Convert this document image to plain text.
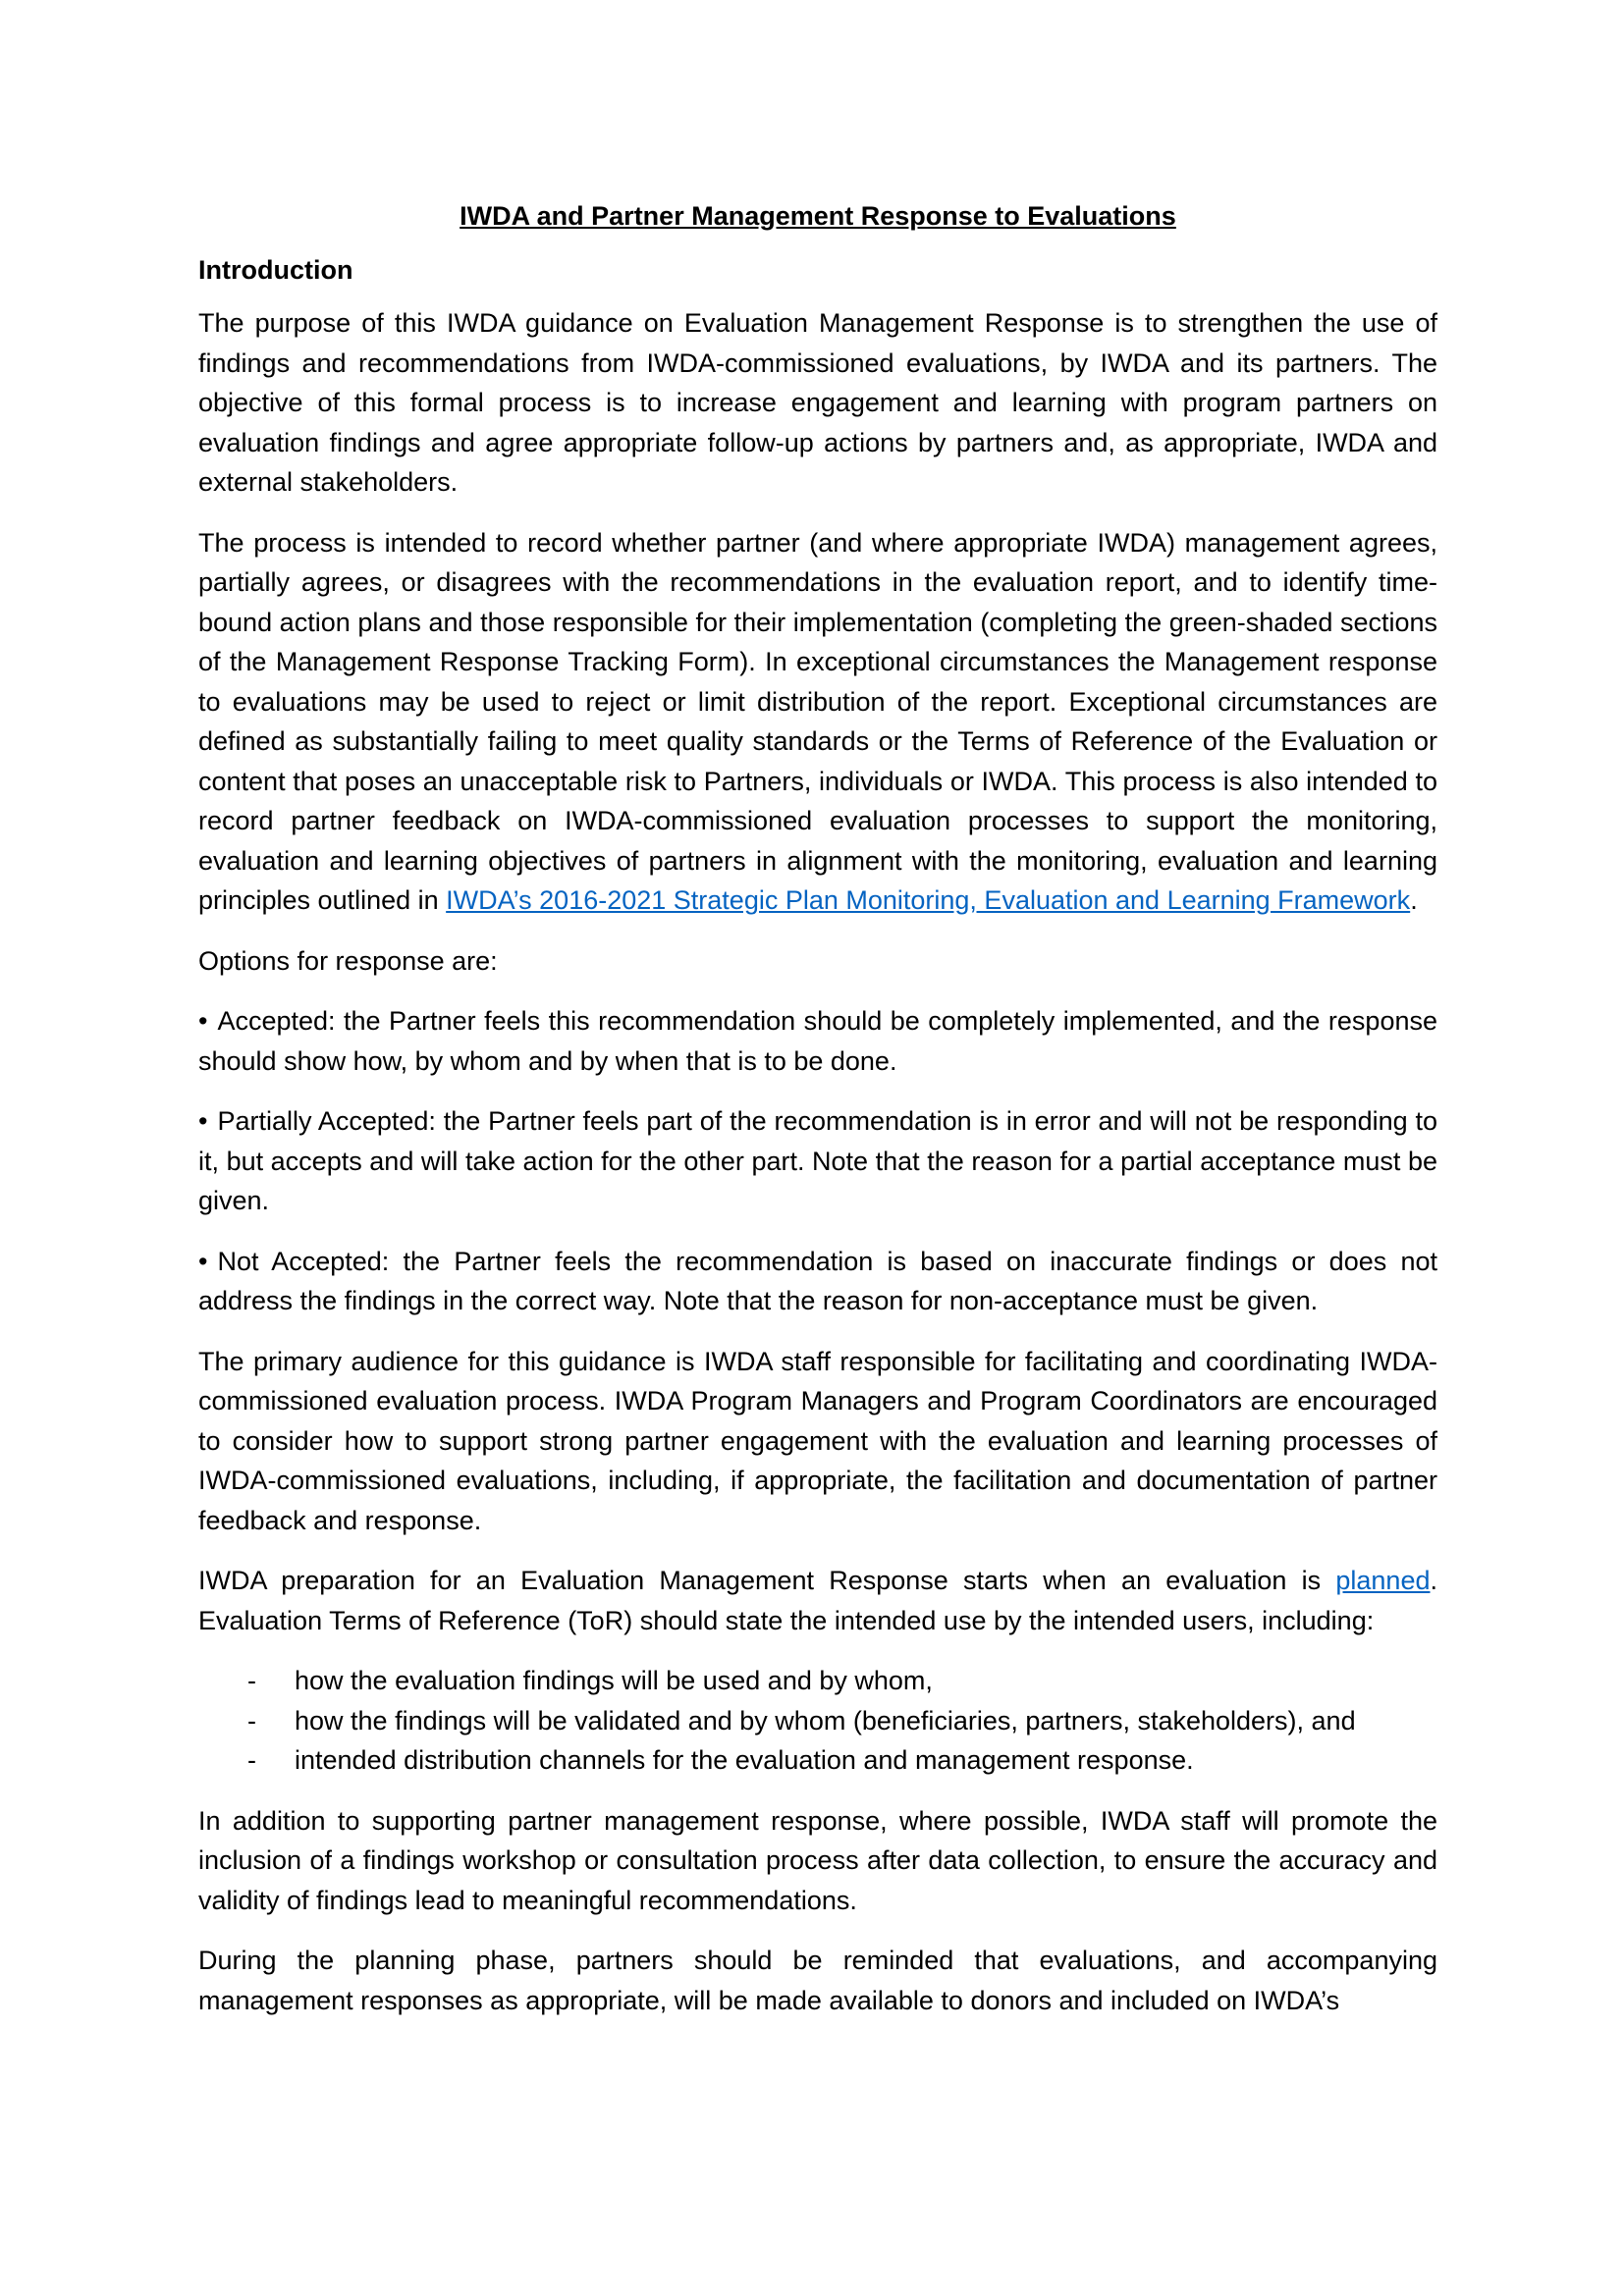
IWDA and Partner Management Response to Evaluations
Introduction

The purpose of this IWDA guidance on Evaluation Management Response is to strengthen the use of findings and recommendations from IWDA-commissioned evaluations, by IWDA and its partners. The objective of this formal process is to increase engagement and learning with program partners on evaluation findings and agree appropriate follow-up actions by partners and, as appropriate, IWDA and external stakeholders.

The process is intended to record whether partner (and where appropriate IWDA) management agrees, partially agrees, or disagrees with the recommendations in the evaluation report, and to identify time-bound action plans and those responsible for their implementation (completing the green-shaded sections of the Management Response Tracking Form). In exceptional circumstances the Management response to evaluations may be used to reject or limit distribution of the report. Exceptional circumstances are defined as substantially failing to meet quality standards or the Terms of Reference of the Evaluation or content that poses an unacceptable risk to Partners, individuals or IWDA. This process is also intended to record partner feedback on IWDA-commissioned evaluation processes to support the monitoring, evaluation and learning objectives of partners in alignment with the monitoring, evaluation and learning principles outlined in IWDA’s 2016-2021 Strategic Plan Monitoring, Evaluation and Learning Framework.

Options for response are:

• Accepted: the Partner feels this recommendation should be completely implemented, and the response should show how, by whom and by when that is to be done.

• Partially Accepted: the Partner feels part of the recommendation is in error and will not be responding to it, but accepts and will take action for the other part. Note that the reason for a partial acceptance must be given.

• Not Accepted: the Partner feels the recommendation is based on inaccurate findings or does not address the findings in the correct way. Note that the reason for non-acceptance must be given.

The primary audience for this guidance is IWDA staff responsible for facilitating and coordinating IWDA-commissioned evaluation process. IWDA Program Managers and Program Coordinators are encouraged to consider how to support strong partner engagement with the evaluation and learning processes of IWDA-commissioned evaluations, including, if appropriate, the facilitation and documentation of partner feedback and response.

IWDA preparation for an Evaluation Management Response starts when an evaluation is planned. Evaluation Terms of Reference (ToR) should state the intended use by the intended users, including:

- how the evaluation findings will be used and by whom,
- how the findings will be validated and by whom (beneficiaries, partners, stakeholders), and
- intended distribution channels for the evaluation and management response.

In addition to supporting partner management response, where possible, IWDA staff will promote the inclusion of a findings workshop or consultation process after data collection, to ensure the accuracy and validity of findings lead to meaningful recommendations.

During the planning phase, partners should be reminded that evaluations, and accompanying management responses as appropriate, will be made available to donors and included on IWDA’s
